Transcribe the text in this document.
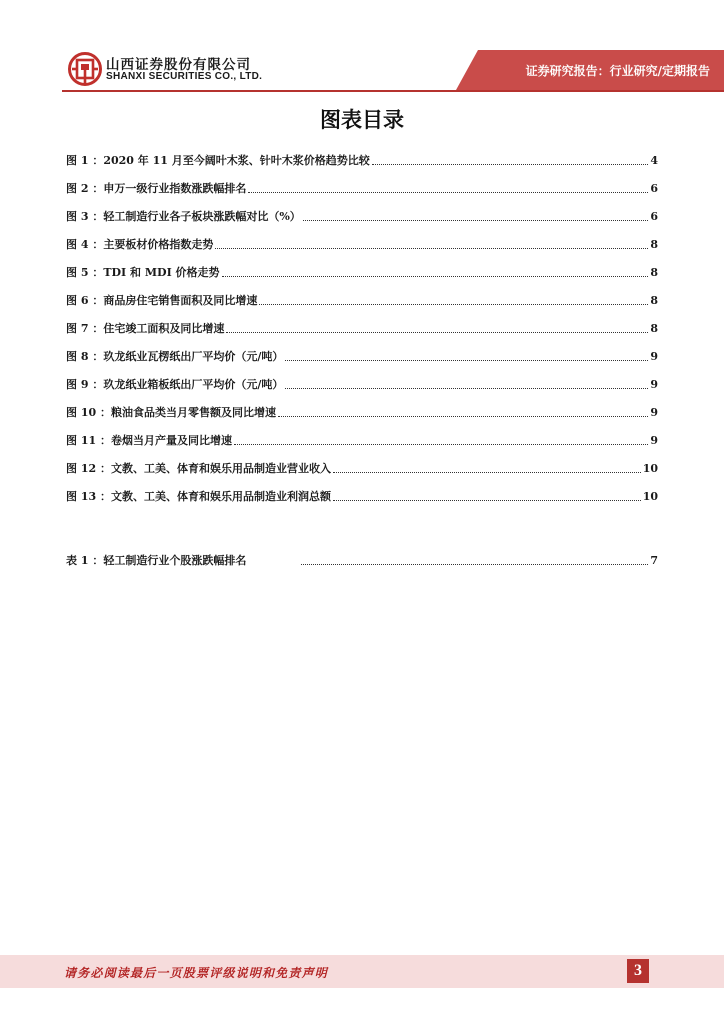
山西证券股份有限公司
SHANXI SECURITIES CO., LTD.	证券研究报告：行业研究/定期报告
图表目录
图 1 ： 2020 年 11 月至今阔叶木浆、针叶木浆价格趋势比较	4
图 2 ： 申万一级行业指数涨跌幅排名	6
图 3 ： 轻工制造行业各子板块涨跌幅对比（%）	6
图 4 ： 主要板材价格指数走势	8
图 5 ： TDI 和 MDI 价格走势	8
图 6 ： 商品房住宅销售面积及同比增速	8
图 7 ： 住宅竣工面积及同比增速	8
图 8 ： 玖龙纸业瓦楞纸出厂平均价（元/吨）	9
图 9 ： 玖龙纸业箱板纸出厂平均价（元/吨）	9
图 10 ： 粮油食品类当月零售额及同比增速	9
图 11 ： 卷烟当月产量及同比增速	9
图 12 ： 文教、工美、体育和娱乐用品制造业营业收入	10
图 13 ： 文教、工美、体育和娱乐用品制造业利润总额	10
表 1 ： 轻工制造行业个股涨跌幅排名	7
请务必阅读最后一页股票评级说明和免责声明	3
